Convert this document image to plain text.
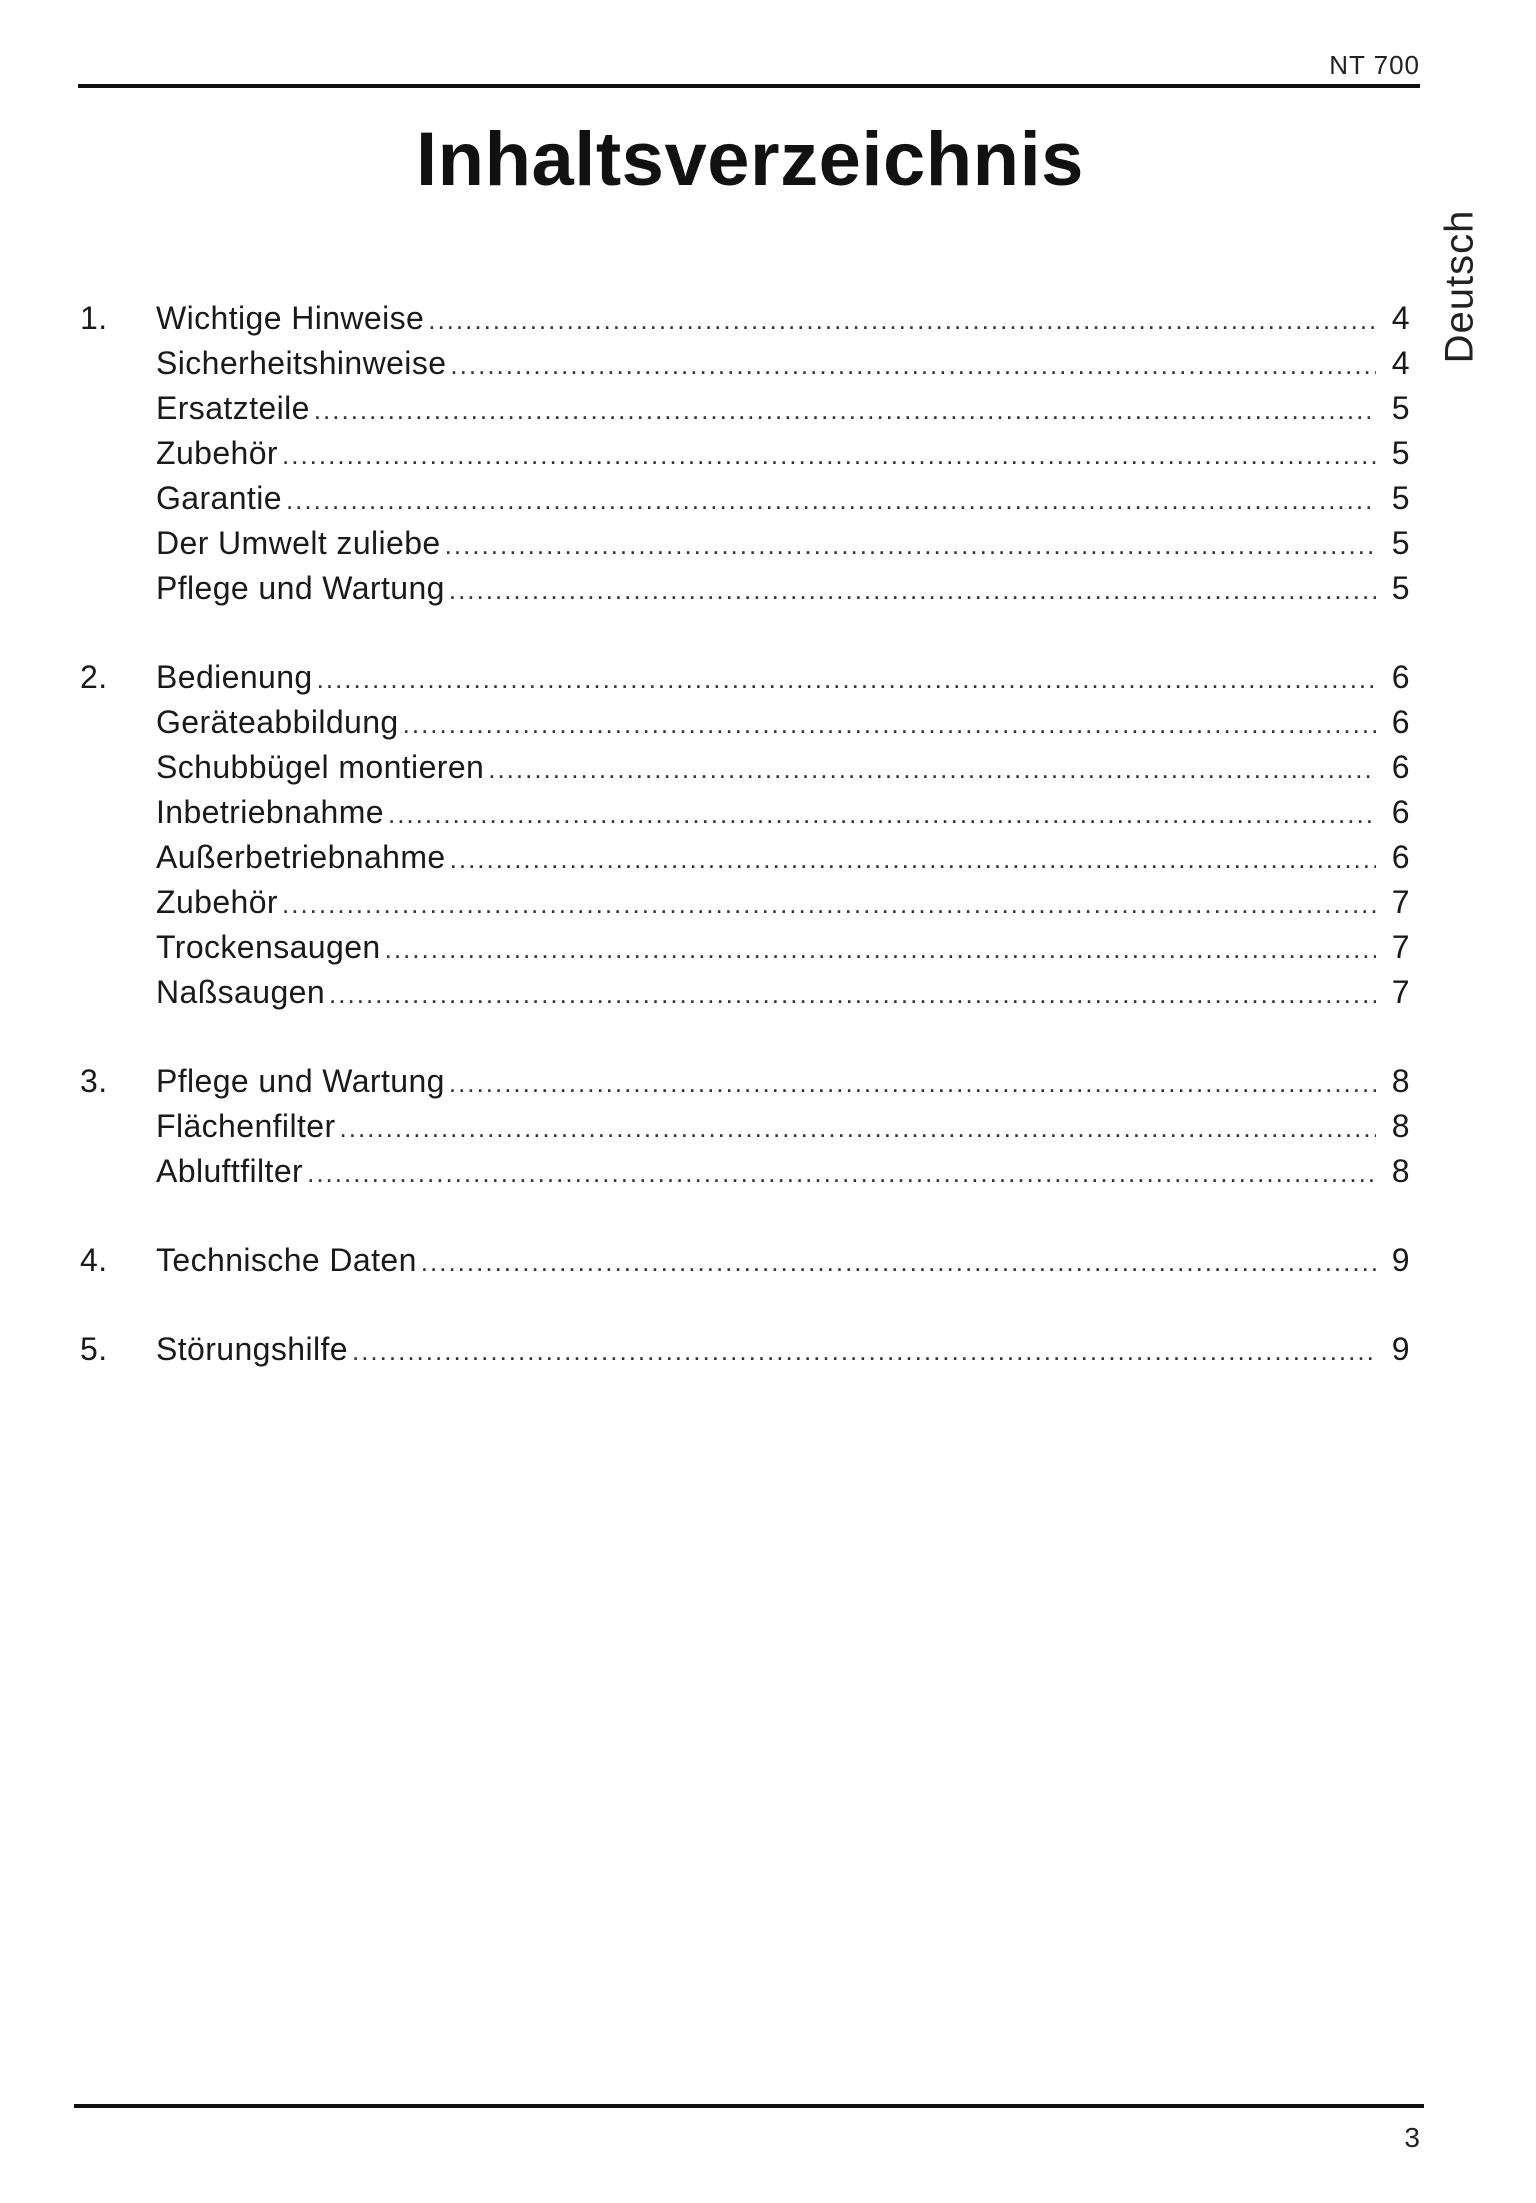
NT 700
Inhaltsverzeichnis
Deutsch
1.	Wichtige Hinweise .....	4
Sicherheitshinweise .....	4
Ersatzteile .....	5
Zubehör .....	5
Garantie .....	5
Der Umwelt zuliebe .....	5
Pflege und Wartung .....	5
2.	Bedienung .....	6
Geräteabbildung .....	6
Schubbügel montieren .....	6
Inbetriebnahme .....	6
Außerbetriebnahme .....	6
Zubehör .....	7
Trockensaugen .....	7
Naßsaugen .....	7
3.	Pflege und Wartung .....	8
Flächenfilter .....	8
Abluftfilter .....	8
4.	Technische Daten .....	9
5.	Störungshilfe .....	9
3
